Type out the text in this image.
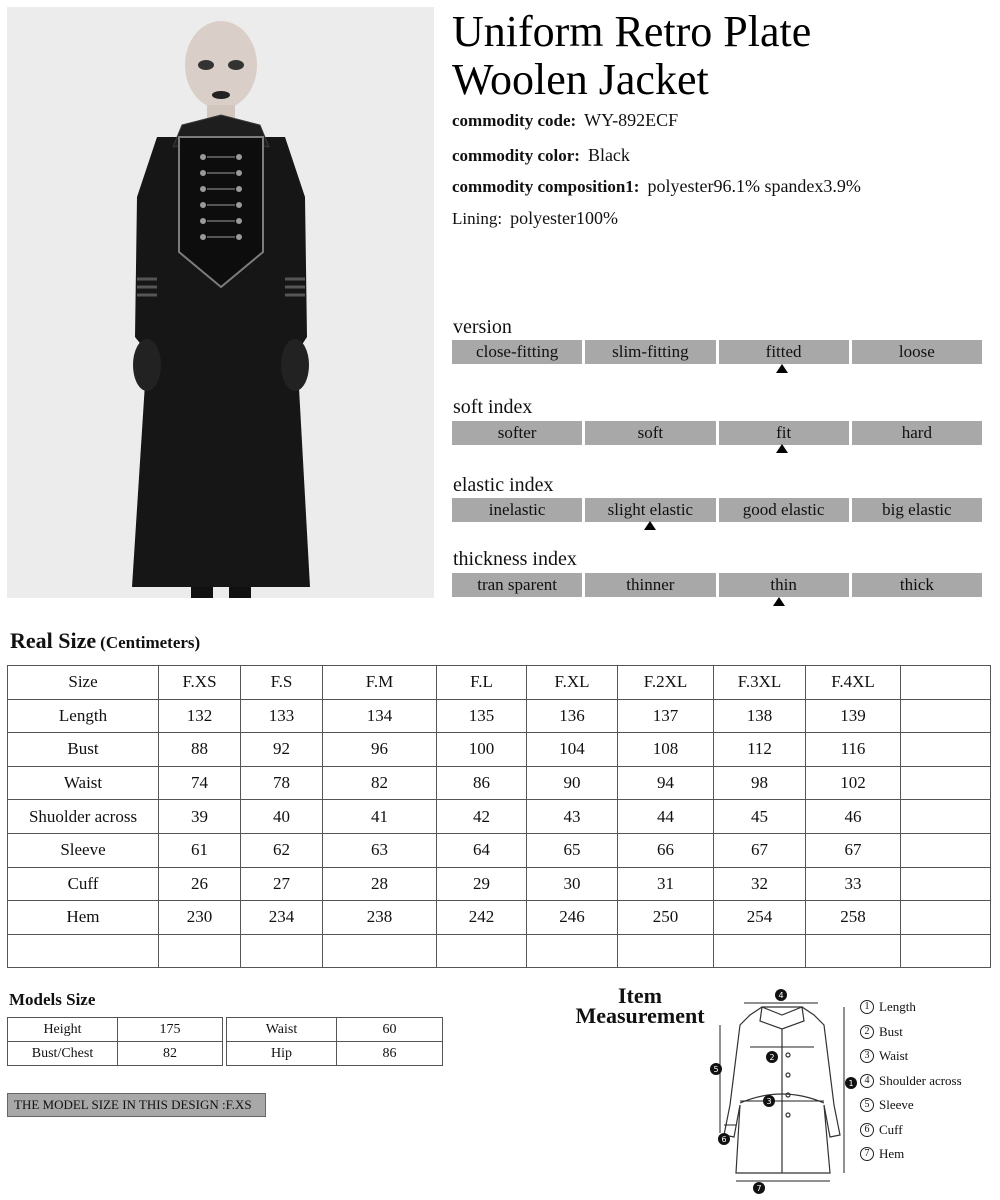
Uniform Retro Plate
Woolen Jacket
commodity code: WY-892ECF
commodity color: Black
commodity composition1: polyester96.1% spandex3.9%
Lining: polyester100%
version
close-fitting	slim-fitting	fitted	loose
soft index
softer	soft	fit	hard
elastic index
inelastic	slight elastic	good elastic	big elastic
thickness index
tran sparent	thinner	thin	thick
Real Size (Centimeters)
Size	F.XS	F.S	F.M	F.L	F.XL	F.2XL	F.3XL	F.4XL	
Length	132	133	134	135	136	137	138	139	
Bust	88	92	96	100	104	108	112	116	
Waist	74	78	82	86	90	94	98	102	
Shuolder across	39	40	41	42	43	44	45	46	
Sleeve	61	62	63	64	65	66	67	67	
Cuff	26	27	28	29	30	31	32	33	
Hem	230	234	238	242	246	250	254	258	

Models Size
Height	175
Bust/Chest	82
Waist	60
Hip	86
THE MODEL SIZE IN THIS DESIGN :F.XS
Item
Measurement
4
2
3
1
5
6
7
1 Length
2 Bust
3 Waist
4 Shoulder across
5 Sleeve
6 Cuff
7 Hem
